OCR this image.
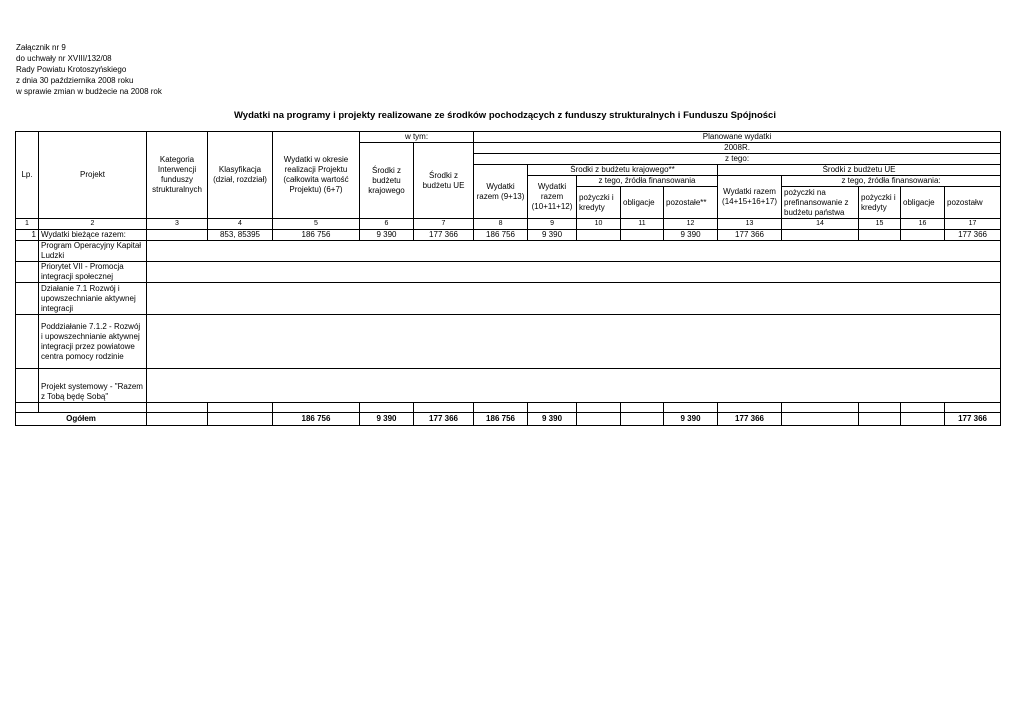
Załącznik nr 9
do uchwały nr XVIII/132/08
Rady Powiatu Krotoszyńskiego
z dnia 30 października 2008 roku
w sprawie zmian w budżecie na 2008 rok
Wydatki na programy i projekty realizowane ze środków pochodzących z funduszy strukturalnych i Funduszu Spójności
Lp.	Projekt	Kategoria Interwencji funduszy strukturalnych	Klasyfikacja (dział, rozdział)	Wydatki w okresie realizacji Projektu (całkowita wartość Projektu) (6+7)	w tym:		Planowane wydatki									
					Środki z budżetu krajowego	Środki z budżetu UE	2008R.									
							z tego:									
							Wydatki razem (9+13)	Środki z budżetu krajowego**				Środki z budżetu UE				
								Wydatki razem (10+11+12)	z tego, źródła finansowania			Wydatki razem (14+15+16+17)	z tego, źródła finansowania:			
									pożyczki i kredyty	obligacje	pozostałe**		pożyczki na prefinansowanie z budżetu państwa	pożyczki i kredyty	obligacje	pozostałw

1	2	3	4	5	6	7	8	9	10	11	12	13	14	15	16	17
1	Wydatki bieżące razem:		853, 85395	186 756	9 390	177 366	186 756	9 390			9 390	177 366				177 366
	Program Operacyjny Kapitał Ludzki															
	Priorytet VII - Promocja integracji społecznej															
	Działanie 7.1 Rozwój i upowszechnianie aktywnej integracji															
	Poddziałanie 7.1.2 - Rozwój i upowszechnianie aktywnej integracji przez powiatowe centra pomocy rodzinie															
	Projekt systemowy - "Razem z Tobą będę Sobą"															

Ogółem				186 756	9 390	177 366	186 756	9 390			9 390	177 366				177 366
